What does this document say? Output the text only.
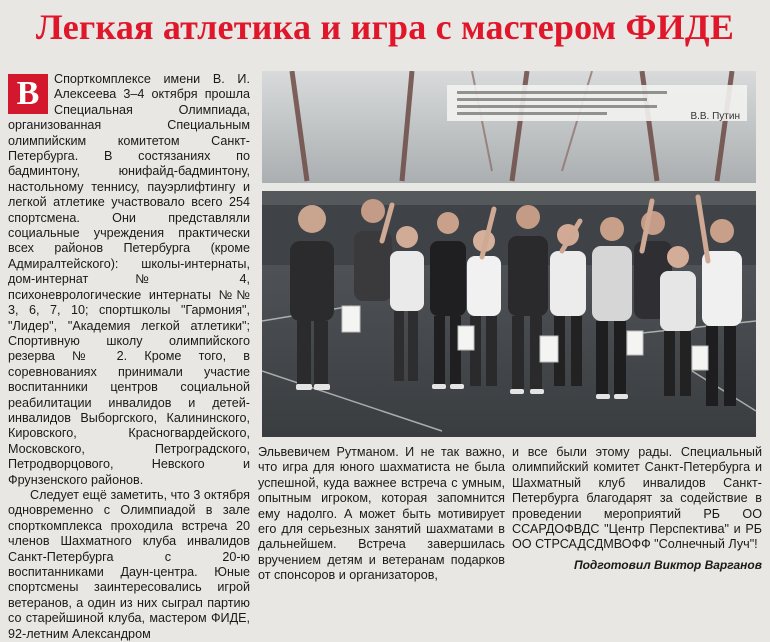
Легкая атлетика и игра с мастером ФИДЕ
В	Спорткомплексе имени В. И. Алексеева 3–4 октября прошла Специальная Олимпиада, организованная Специальным олимпийским комитетом Санкт-Петербурга. В состязаниях по бадминтону, юнифайд-бадминтону, настольному теннису, пауэрлифтингу и легкой атлетике участвовало всего 254 спортсмена. Они представляли социальные учреждения практически всех районов Петербурга (кроме Адмиралтейского): школы-интернаты, дом-интернат № 4, психоневрологические интернаты №№ 3, 6, 7, 10; спортшколы "Гармония", "Лидер", "Академия легкой атлетики"; Спортивную школу олимпийского резерва № 2. Кроме того, в соревнованиях принимали участие воспитанники центров социальной реабилитации инвалидов и детей-инвалидов Выборгского, Калининского, Кировского, Красногвардейского, Московского, Петроградского, Петродворцового, Невского и Фрунзенского районов.

Следует ещё заметить, что 3 октября одновременно с Олимпиадой в зале спорткомплекса проходила встреча 20 членов Шахматного клуба инвалидов Санкт-Петербурга с 20-ю воспитанниками Даун-центра. Юные спортсмены заинтересовались игрой ветеранов, а один из них сыграл партию со старейшиной клуба, мастером ФИДЕ, 92-летним Александром

В.В. Путин

Эльвевичем Рутманом. И не так важно, что игра для юного шахматиста не была успешной, куда важнее встреча с умным, опытным игроком, которая запомнится ему надолго. А может быть мотивирует его для серьезных занятий шахматами в дальнейшем. Встреча завершилась вручением детям и ветеранам подарков от спонсоров и организаторов,

и все были этому рады. Специальный олимпийский комитет Санкт-Петербурга и Шахматный клуб инвалидов Санкт-Петербурга благодарят за содействие в проведении мероприятий РБ ОО ССАРДОФВДС "Центр Перспектива" и РБ ОО СТРСАДСДМВОФФ "Солнечный Луч"!

Подготовил Виктор Варганов
